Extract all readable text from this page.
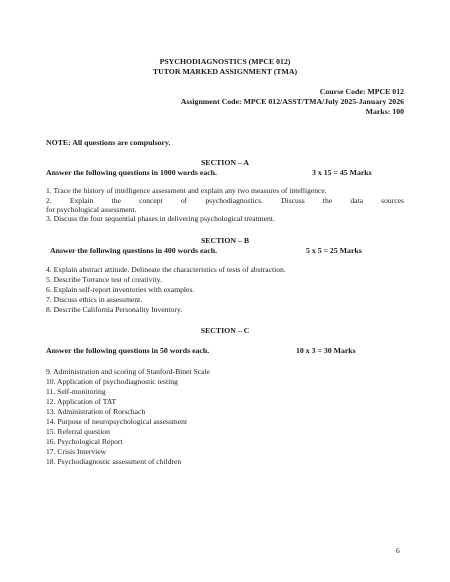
PSYCHODIAGNOSTICS (MPCE 012)
TUTOR MARKED ASSIGNMENT (TMA)
Course Code: MPCE 012
Assignment Code: MPCE 012/ASST/TMA/July 2025-January 2026
Marks: 100
NOTE: All questions are compulsory.
SECTION – A
Answer the following questions in 1000 words each.	3 x 15 = 45 Marks
1. Trace the history of intelligence assessment and explain any two measures of intelligence.
2. Explain the concept of psychodiagnostics. Discuss the data sources
for psychological assessment.
3. Discuss the four sequential phases in delivering psychological treatment.
SECTION – B
Answer the following questions in 400 words each.	5 x 5 = 25 Marks
4. Explain abstract attitude. Delineate the characteristics of tests of abstraction.
5. Describe Torrance test of creativity.
6. Explain self-report inventories with examples.
7. Discuss ethics in assessment.
8. Describe California Personality Inventory.
SECTION – C
Answer the following questions in 50 words each.	10 x 3 = 30 Marks
9. Administration and scoring of Stanford-Binet Scale
10. Application of psychodiagnostic testing
11. Self-monitoring
12. Application of TAT
13. Administration of Rorschach
14. Purpose of neuropsychological assessment
15. Referral question
16. Psychological Report
17. Crisis Interview
18. Psychodiagnostic assessment of children
6
